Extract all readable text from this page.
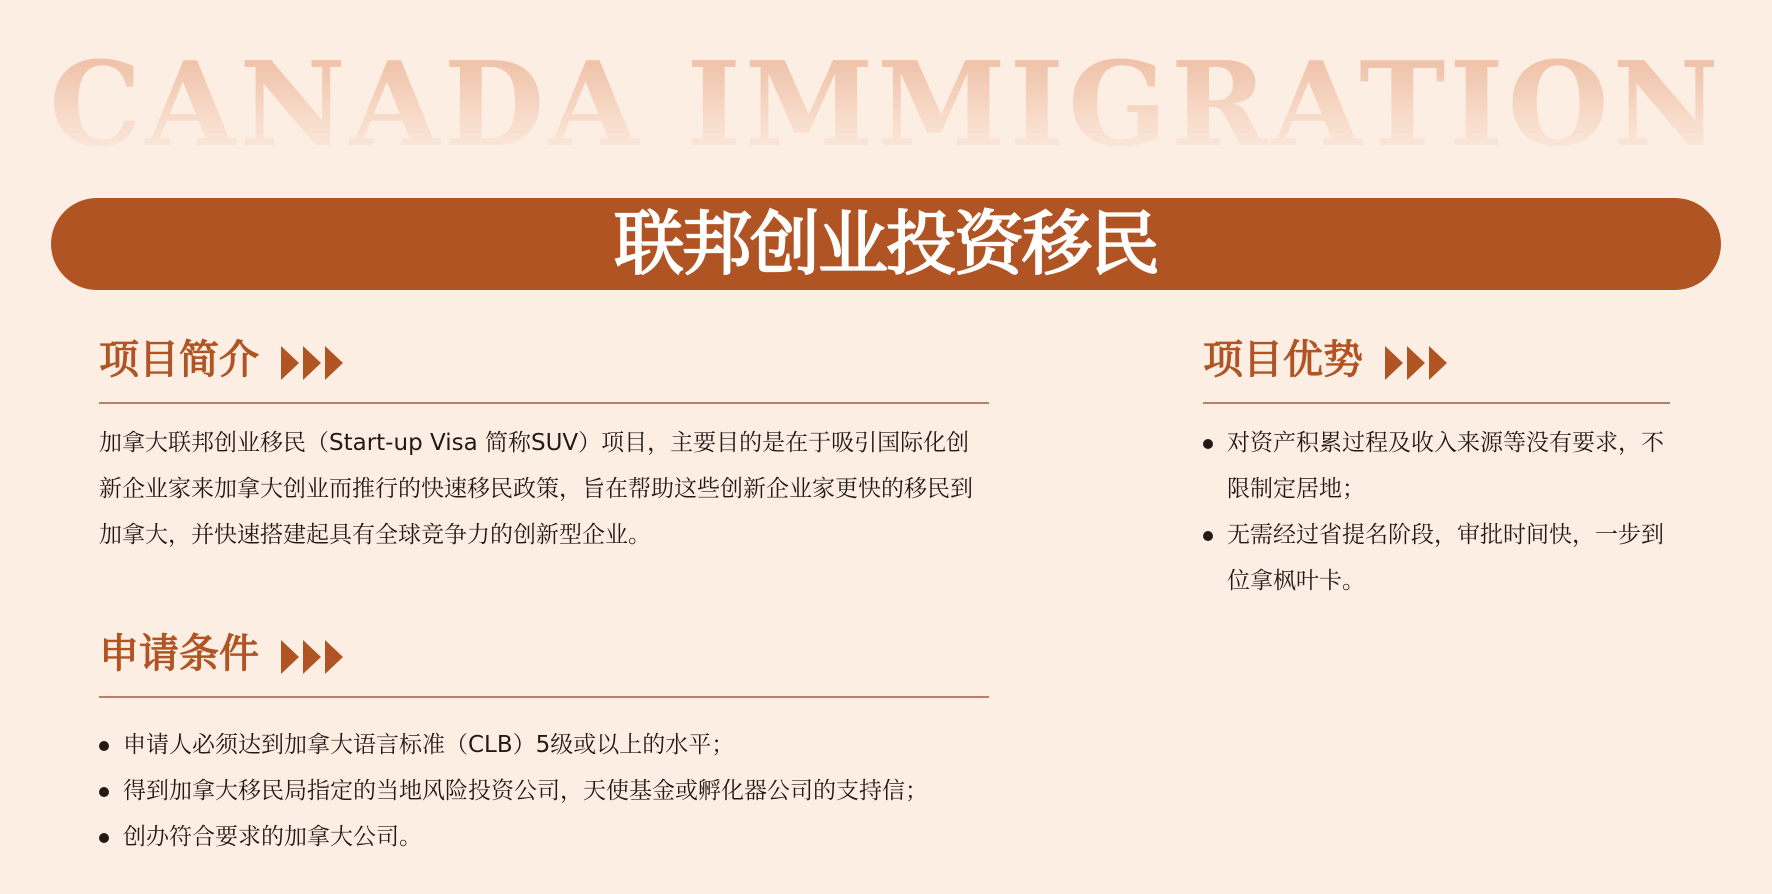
CANADA IMMIGRATION
联邦创业投资移民
项目简介
加拿大联邦创业移民（Start-up Visa 简称SUV）项目，主要目的是在于吸引国际化创新企业家来加拿大创业而推行的快速移民政策，旨在帮助这些创新企业家更快的移民到加拿大，并快速搭建起具有全球竞争力的创新型企业。
申请条件
申请人必须达到加拿大语言标准（CLB）5级或以上的水平；
得到加拿大移民局指定的当地风险投资公司，天使基金或孵化器公司的支持信；
创办符合要求的加拿大公司。
项目优势
对资产积累过程及收入来源等没有要求，不限制定居地；
无需经过省提名阶段，审批时间快，一步到位拿枫叶卡。
